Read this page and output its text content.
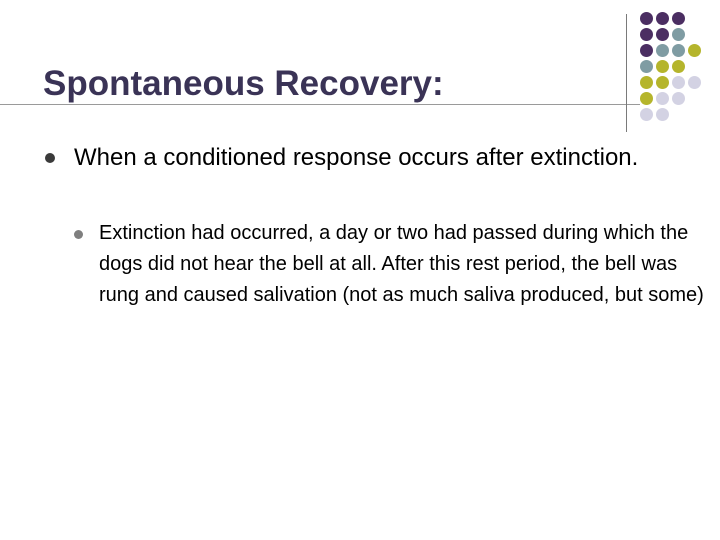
Spontaneous Recovery:
When a conditioned response occurs after extinction.
Extinction had occurred, a day or two had passed during which the dogs did not hear the bell at all. After this rest period, the bell was rung and caused salivation (not as much saliva produced, but some)
